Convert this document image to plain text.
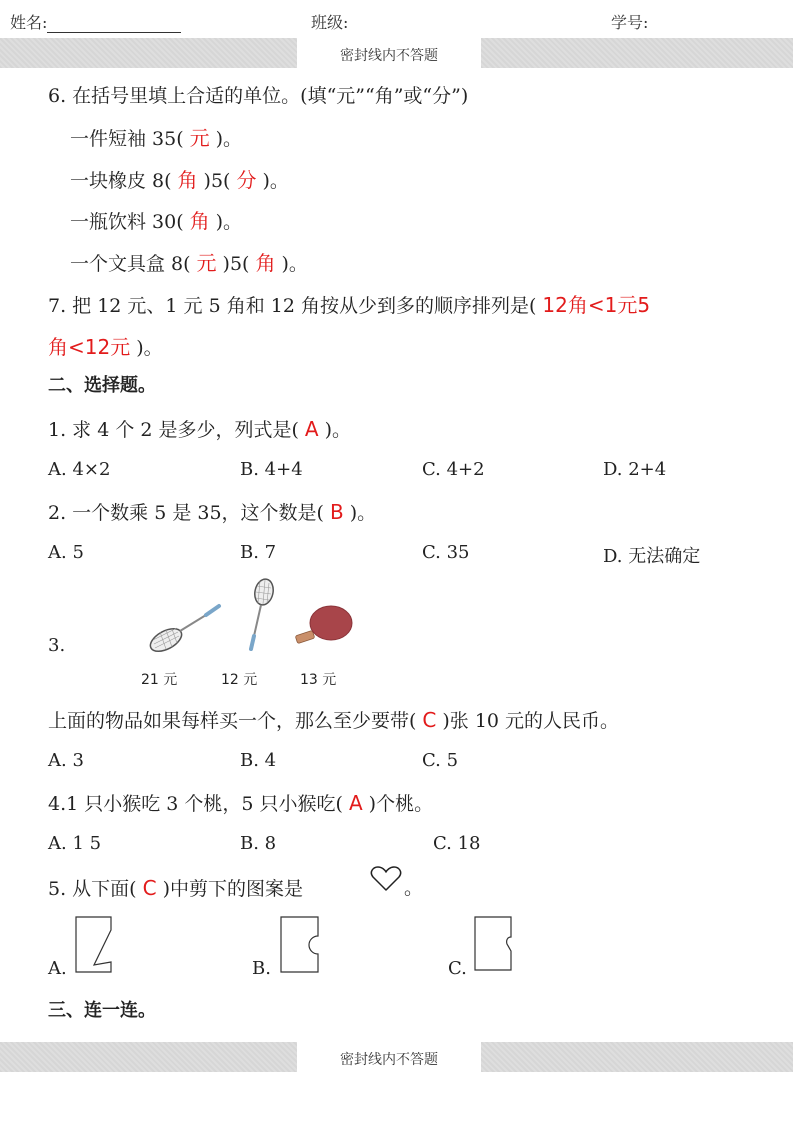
姓名:	班级:	学号:
密封线内不答题
6. 在括号里填上合适的单位。(填“元”“角”或“分”)
一件短袖 35( 元 )。
一块橡皮 8( 角 )5( 分 )。
一瓶饮料 30( 角 )。
一个文具盒 8( 元 )5( 角 )。
7. 把 12 元、1 元 5 角和 12 角按从少到多的顺序排列是( 12角<1元5
角<12元 )。
二、选择题。
1. 求 4 个 2 是多少，列式是( A )。
A. 4×2	B. 4+4	C. 4+2	D. 2+4
2. 一个数乘 5 是 35，这个数是( B )。
A. 5	B. 7	C. 35	D. 无法确定
3.
21 元	12 元	13 元
上面的物品如果每样买一个，那么至少要带( C )张 10 元的人民币。
A. 3	B. 4	C. 5
4.1 只小猴吃 3 个桃，5 只小猴吃( A )个桃。
A. 1 5	B. 8	C. 18
5. 从下面( C )中剪下的图案是	。
A.	B.	C.
三、连一连。
密封线内不答题
